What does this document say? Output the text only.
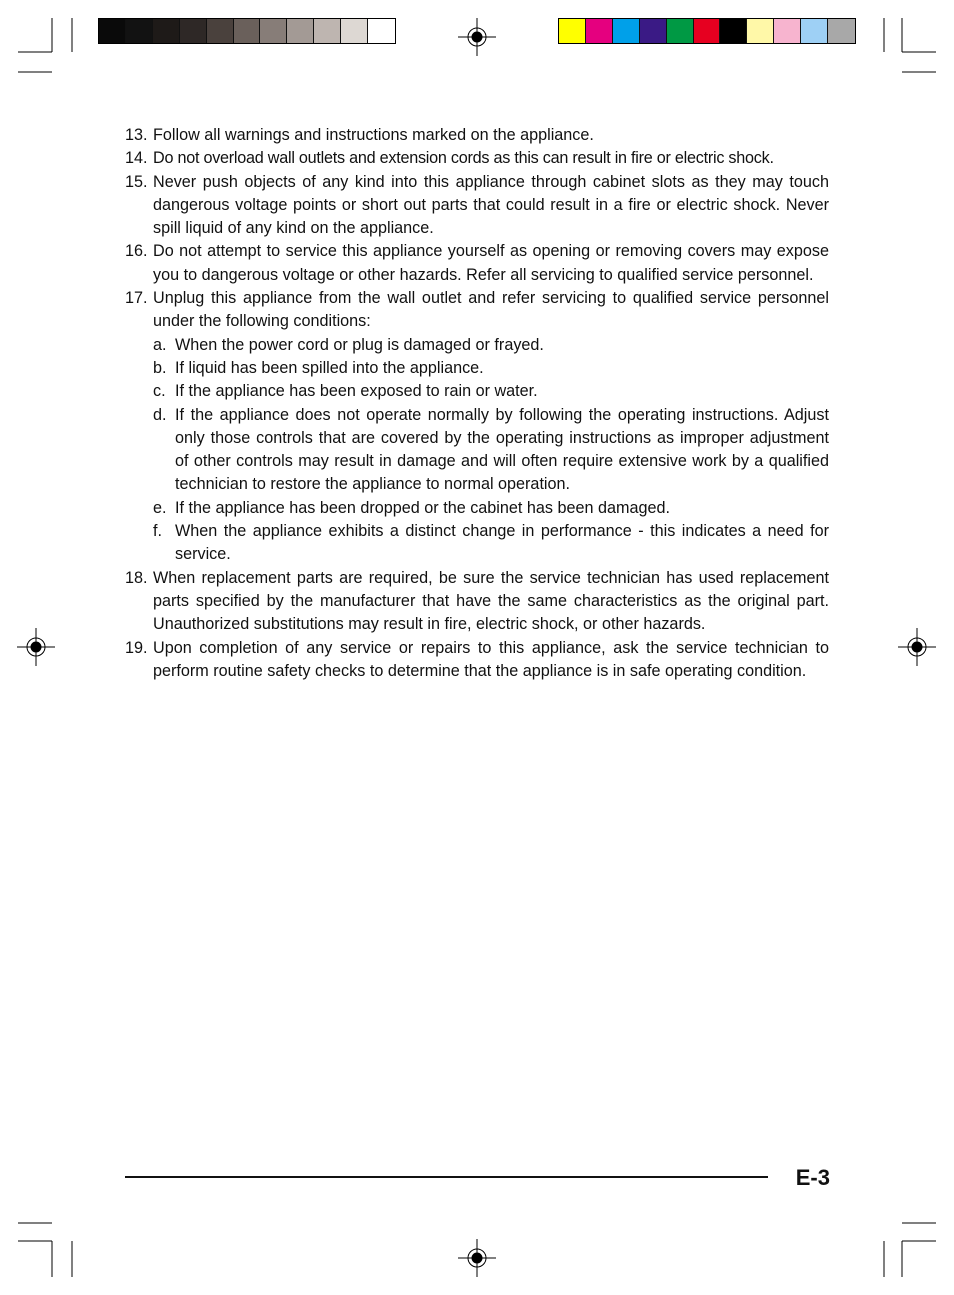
13. Follow all warnings and instructions marked on the appliance.
14. Do not overload wall outlets and extension cords as this can result in fire or electric shock.
15. Never push objects of any kind into this appliance through cabinet slots as they may touch dangerous voltage points or short out parts that could result in a fire or electric shock. Never spill liquid of any kind on the appliance.
16. Do not attempt to service this appliance yourself as opening or removing covers may expose you to dangerous voltage or other hazards. Refer all servicing to qualified service personnel.
17. Unplug this appliance from the wall outlet and refer servicing to qualified service personnel under the following conditions:
a. When the power cord or plug is damaged or frayed.
b. If liquid has been spilled into the appliance.
c. If the appliance has been exposed to rain or water.
d. If the appliance does not operate normally by following the operating instructions. Adjust only those controls that are covered by the operating instructions as improper adjustment of other controls may result in damage and will often require extensive work by a qualified technician to restore the appliance to normal operation.
e. If the appliance has been dropped or the cabinet has been damaged.
f. When the appliance exhibits a distinct change in performance - this indicates a need for service.
18. When replacement parts are required, be sure the service technician has used replacement parts specified by the manufacturer that have the same characteristics as the original part. Unauthorized substitutions may result in fire, electric shock, or other hazards.
19. Upon completion of any service or repairs to this appliance, ask the service technician to perform routine safety checks to determine that the appliance is in safe operating condition.
E-3
